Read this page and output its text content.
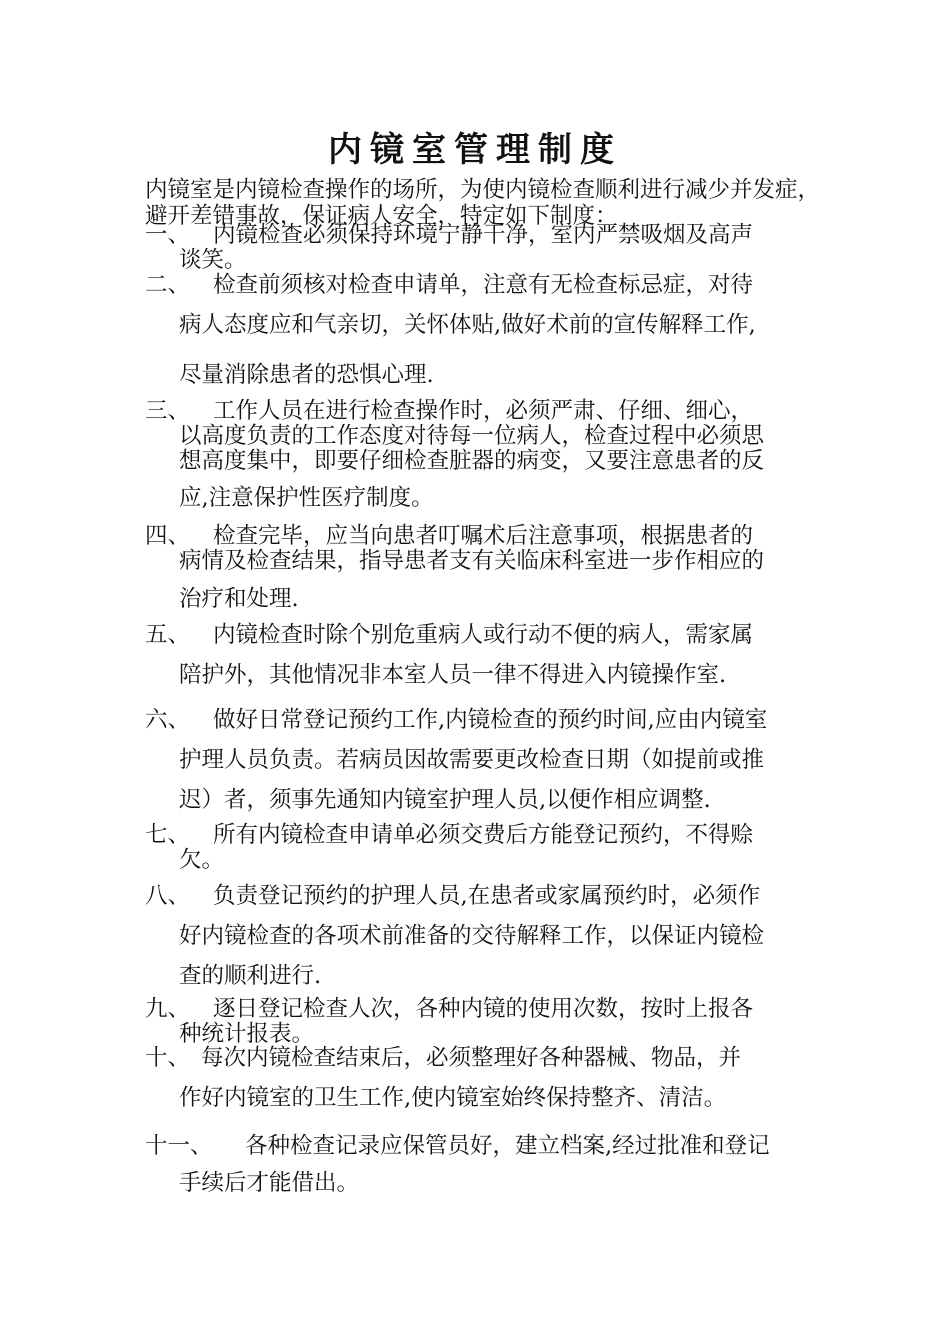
内镜室管理制度
内镜室是内镜检查操作的场所，为使内镜检查顺利进行减少并发症，避开差错事故，保证病人安全，特定如下制度：
一、 内镜检查必须保持环境宁静干净，室内严禁吸烟及高声
谈笑。
二、 检查前须核对检查申请单，注意有无检查标忌症，对待
病人态度应和气亲切，关怀体贴,做好术前的宣传解释工作,
尽量消除患者的恐惧心理.
三、 工作人员在进行检查操作时，必须严肃、仔细、细心，
以高度负责的工作态度对待每一位病人，检查过程中必须思
想高度集中，即要仔细检查脏器的病变，又要注意患者的反
应,注意保护性医疗制度。
四、 检查完毕，应当向患者叮嘱术后注意事项，根据患者的
病情及检查结果，指导患者支有关临床科室进一步作相应的
治疗和处理.
五、 内镜检查时除个别危重病人或行动不便的病人，需家属
陪护外，其他情况非本室人员一律不得进入内镜操作室.
六、 做好日常登记预约工作,内镜检查的预约时间,应由内镜室
护理人员负责。若病员因故需要更改检查日期（如提前或推
迟）者，须事先通知内镜室护理人员,以便作相应调整.
七、 所有内镜检查申请单必须交费后方能登记预约，不得赊
欠。
八、 负责登记预约的护理人员,在患者或家属预约时，必须作
好内镜检查的各项术前准备的交待解释工作，以保证内镜检
查的顺利进行.
九、 逐日登记检查人次，各种内镜的使用次数，按时上报各
种统计报表。
十、 每次内镜检查结束后，必须整理好各种器械、物品，并
作好内镜室的卫生工作,使内镜室始终保持整齐、清洁。
十一、 各种检查记录应保管员好，建立档案,经过批准和登记
手续后才能借出。
